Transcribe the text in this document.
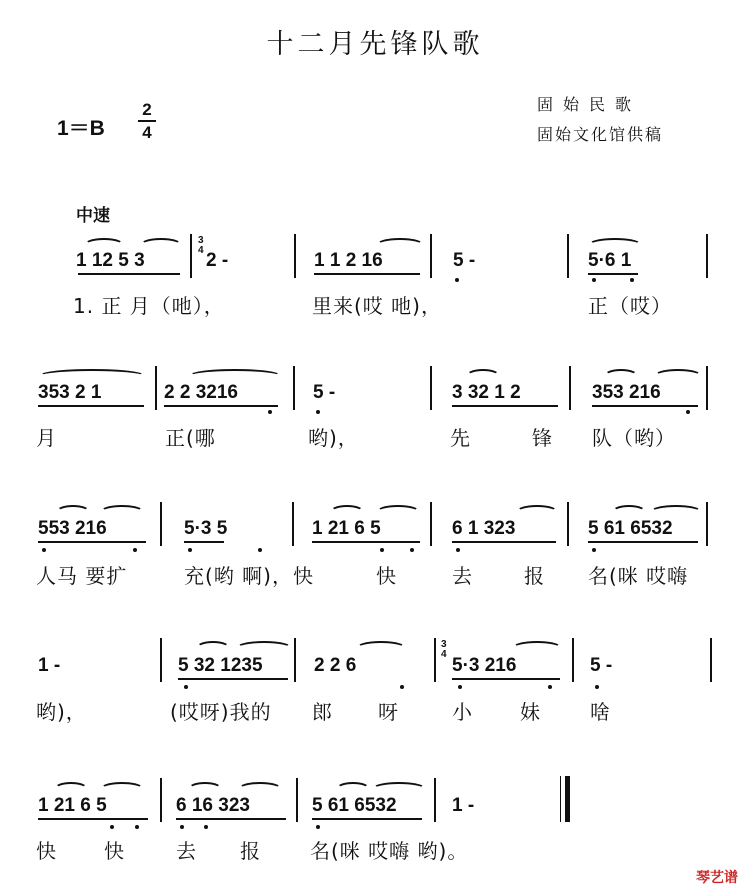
十二月先锋队歌
1＝B
2
4
固始民歌
固始文化馆供稿
中速
1 12 5 3	2 -	1 1 2 16	5 -	5·6 1
3
4
1. 正 月（吔），	里来(哎 吔)，	正（哎）
353 2 1	2 2 3216	5 -	3 32 1 2	353 216
月	正(哪	哟)，	先	锋 队（哟）
553 216	5·3 5	1 21 6 5	6 1 323	5 61 6532
人马 要扩	充(哟 啊)，快	快	去	报 名(咪 哎嗨
1 -	5 32 1235	2 2 6	5·3 216	5 -
3
4
哟)，	(哎呀)我的 郎 呀	小 妹 啥
1 21 6 5	6 16 323	5 61 6532	1 -
快 快	去 报 名(咪 哎嗨 哟)。
琴艺谱
